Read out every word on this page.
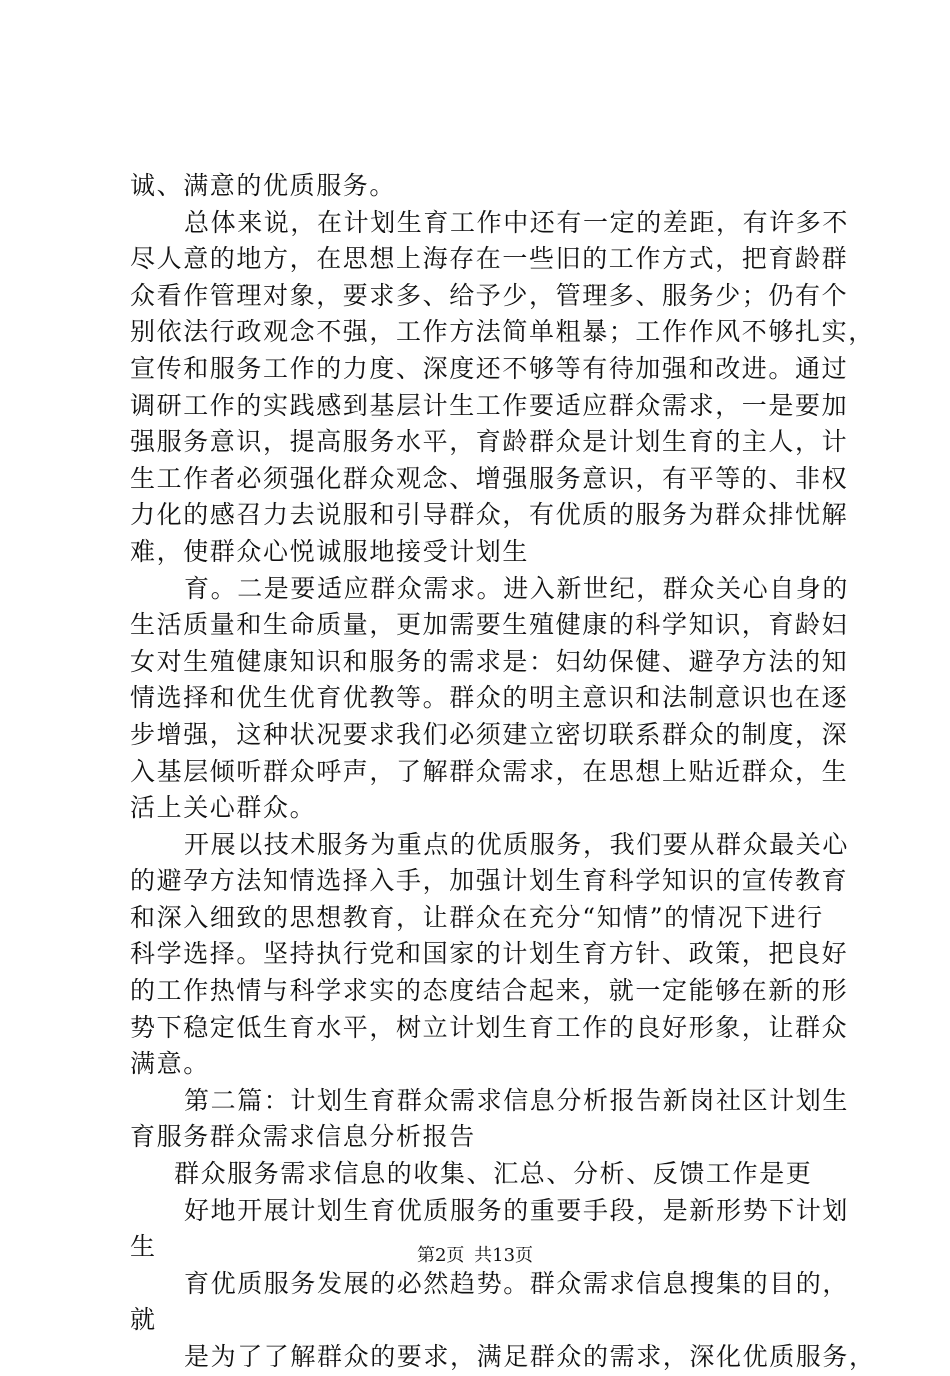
诚、满意的优质服务。
总体来说，在计划生育工作中还有一定的差距，有许多不
尽人意的地方，在思想上海存在一些旧的工作方式，把育龄群
众看作管理对象，要求多、给予少，管理多、服务少；仍有个
别依法行政观念不强，工作方法简单粗暴；工作作风不够扎实，
宣传和服务工作的力度、深度还不够等有待加强和改进。通过
调研工作的实践感到基层计生工作要适应群众需求，一是要加
强服务意识，提高服务水平，育龄群众是计划生育的主人，计
生工作者必须强化群众观念、增强服务意识，有平等的、非权
力化的感召力去说服和引导群众，有优质的服务为群众排忧解
难，使群众心悦诚服地接受计划生
育。二是要适应群众需求。进入新世纪，群众关心自身的
生活质量和生命质量，更加需要生殖健康的科学知识，育龄妇
女对生殖健康知识和服务的需求是：妇幼保健、避孕方法的知
情选择和优生优育优教等。群众的明主意识和法制意识也在逐
步增强，这种状况要求我们必须建立密切联系群众的制度，深
入基层倾听群众呼声，了解群众需求，在思想上贴近群众，生
活上关心群众。
开展以技术服务为重点的优质服务，我们要从群众最关心
的避孕方法知情选择入手，加强计划生育科学知识的宣传教育
和深入细致的思想教育，让群众在充分“知情”的情况下进行
科学选择。坚持执行党和国家的计划生育方针、政策，把良好
的工作热情与科学求实的态度结合起来，就一定能够在新的形
势下稳定低生育水平，树立计划生育工作的良好形象，让群众
满意。
第二篇：计划生育群众需求信息分析报告新岗社区计划生
育服务群众需求信息分析报告
群众服务需求信息的收集、汇总、分析、反馈工作是更
好地开展计划生育优质服务的重要手段，是新形势下计划
生
育优质服务发展的必然趋势。群众需求信息搜集的目的，
就
是为了了解群众的要求，满足群众的需求，深化优质服务，
第2页 共13页
